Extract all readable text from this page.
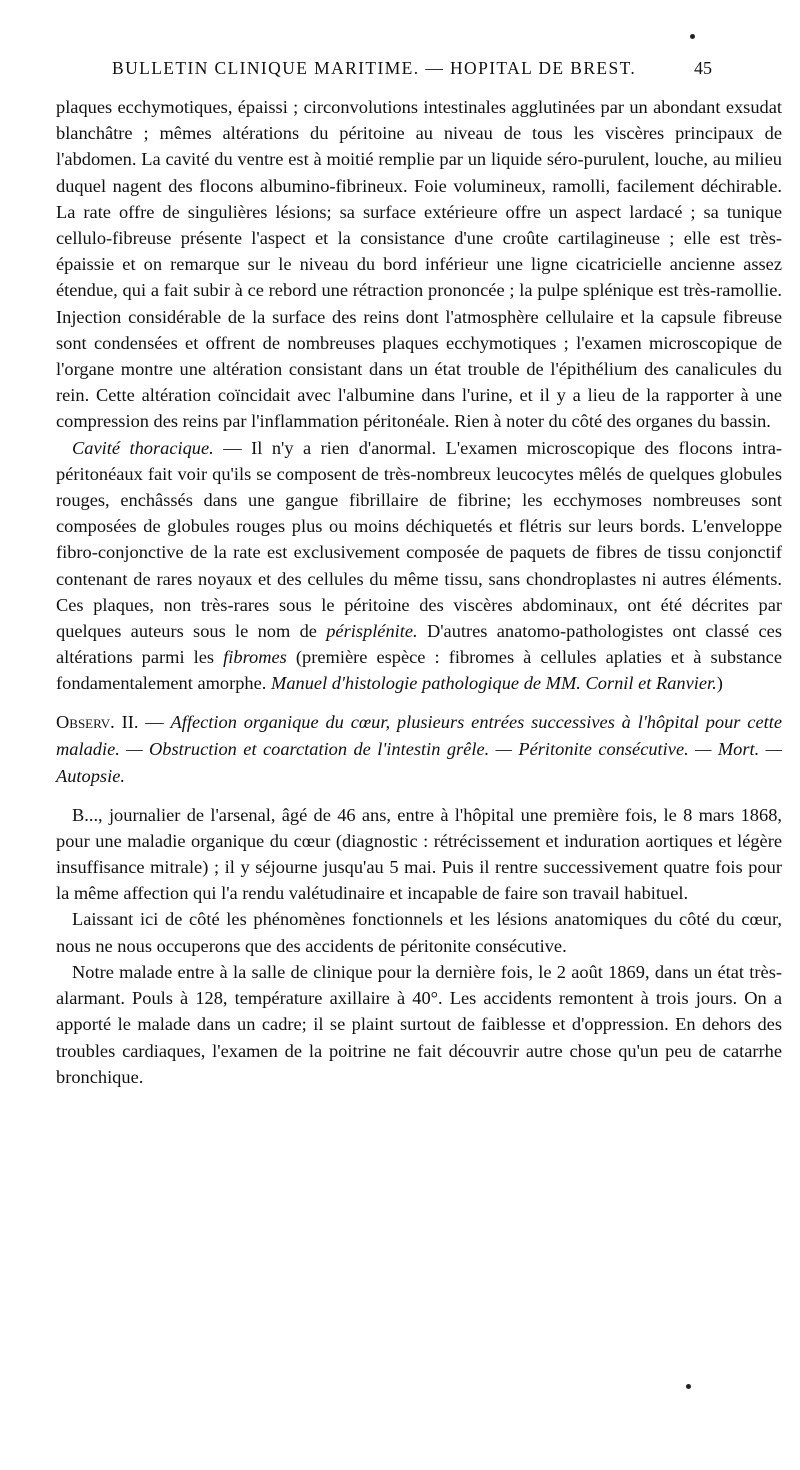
BULLETIN CLINIQUE MARITIME. — HOPITAL DE BREST.	45

plaques ecchymotiques, épaissi ; circonvolutions intestinales agglutinées par un abondant exsudat blanchâtre ; mêmes altérations du péritoine au niveau de tous les viscères principaux de l'abdomen. La cavité du ventre est à moitié remplie par un liquide séro-purulent, louche, au milieu duquel nagent des flocons albumino-fibrineux. Foie volumineux, ramolli, facilement déchirable. La rate offre de singulières lésions; sa surface extérieure offre un aspect lardacé ; sa tunique cellulo-fibreuse présente l'aspect et la consistance d'une croûte cartilagineuse ; elle est très-épaissie et on remarque sur le niveau du bord inférieur une ligne cicatricielle ancienne assez étendue, qui a fait subir à ce rebord une rétraction prononcée ; la pulpe splénique est très-ramollie. Injection considérable de la surface des reins dont l'atmosphère cellulaire et la capsule fibreuse sont condensées et offrent de nombreuses plaques ecchymotiques ; l'examen microscopique de l'organe montre une altération consistant dans un état trouble de l'épithélium des canalicules du rein. Cette altération coïncidait avec l'albumine dans l'urine, et il y a lieu de la rapporter à une compression des reins par l'inflammation péritonéale. Rien à noter du côté des organes du bassin.

Cavité thoracique. — Il n'y a rien d'anormal. L'examen microscopique des flocons intra-péritonéaux fait voir qu'ils se composent de très-nombreux leucocytes mêlés de quelques globules rouges, enchâssés dans une gangue fibrillaire de fibrine; les ecchymoses nombreuses sont composées de globules rouges plus ou moins déchiquetés et flétris sur leurs bords. L'enveloppe fibro-conjonctive de la rate est exclusivement composée de paquets de fibres de tissu conjonctif contenant de rares noyaux et des cellules du même tissu, sans chondroplastes ni autres éléments. Ces plaques, non très-rares sous le péritoine des viscères abdominaux, ont été décrites par quelques auteurs sous le nom de périsplénite. D'autres anatomo-pathologistes ont classé ces altérations parmi les fibromes (première espèce : fibromes à cellules aplaties et à substance fondamentalement amorphe. Manuel d'histologie pathologique de MM. Cornil et Ranvier.)

Observ. II. — Affection organique du cœur, plusieurs entrées successives à l'hôpital pour cette maladie. — Obstruction et coarctation de l'intestin grêle. — Péritonite consécutive. — Mort. — Autopsie.

B..., journalier de l'arsenal, âgé de 46 ans, entre à l'hôpital une première fois, le 8 mars 1868, pour une maladie organique du cœur (diagnostic : rétrécissement et induration aortiques et légère insuffisance mitrale) ; il y séjourne jusqu'au 5 mai. Puis il rentre successivement quatre fois pour la même affection qui l'a rendu valétudinaire et incapable de faire son travail habituel.

Laissant ici de côté les phénomènes fonctionnels et les lésions anatomiques du côté du cœur, nous ne nous occuperons que des accidents de péritonite consécutive.

Notre malade entre à la salle de clinique pour la dernière fois, le 2 août 1869, dans un état très-alarmant. Pouls à 128, température axillaire à 40°. Les accidents remontent à trois jours. On a apporté le malade dans un cadre; il se plaint surtout de faiblesse et d'oppression. En dehors des troubles cardiaques, l'examen de la poitrine ne fait découvrir autre chose qu'un peu de catarrhe bronchique.
